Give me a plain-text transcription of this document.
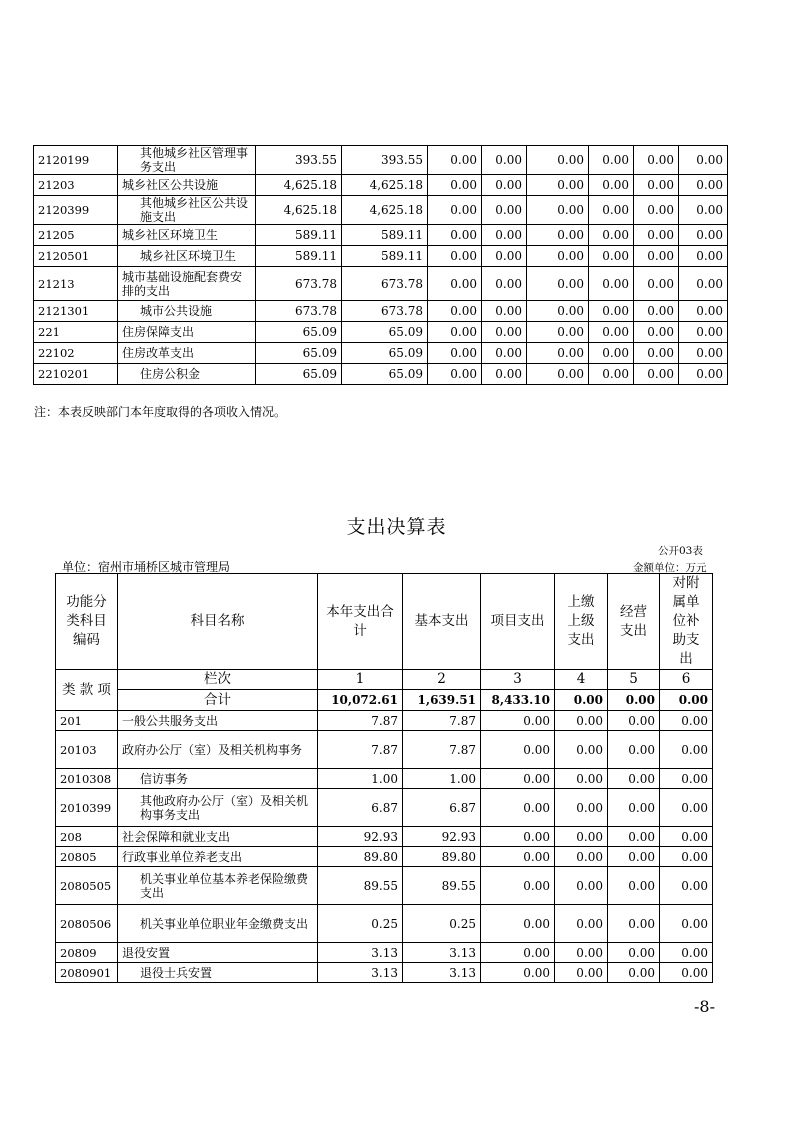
2120199	其他城乡社区管理事务支出	393.55	393.55	0.00	0.00	0.00	0.00	0.00	0.00
21203	城乡社区公共设施	4,625.18	4,625.18	0.00	0.00	0.00	0.00	0.00	0.00
2120399	其他城乡社区公共设施支出	4,625.18	4,625.18	0.00	0.00	0.00	0.00	0.00	0.00
21205	城乡社区环境卫生	589.11	589.11	0.00	0.00	0.00	0.00	0.00	0.00
2120501	城乡社区环境卫生	589.11	589.11	0.00	0.00	0.00	0.00	0.00	0.00
21213	城市基础设施配套费安排的支出	673.78	673.78	0.00	0.00	0.00	0.00	0.00	0.00
2121301	城市公共设施	673.78	673.78	0.00	0.00	0.00	0.00	0.00	0.00
221	住房保障支出	65.09	65.09	0.00	0.00	0.00	0.00	0.00	0.00
22102	住房改革支出	65.09	65.09	0.00	0.00	0.00	0.00	0.00	0.00
2210201	住房公积金	65.09	65.09	0.00	0.00	0.00	0.00	0.00	0.00
注：本表反映部门本年度取得的各项收入情况。
支出决算表
公开03表
单位：宿州市埇桥区城市管理局	金额单位：万元
功能分类科目编码	科目名称	本年支出合计	基本支出	项目支出	上缴上级支出	经营支出	对附属单位补助支出

类 款 项	栏次	1	2	3	4	5	6
	合计	10,072.61	1,639.51	8,433.10	0.00	0.00	0.00
201	一般公共服务支出	7.87	7.87	0.00	0.00	0.00	0.00
20103	政府办公厅（室）及相关机构事务	7.87	7.87	0.00	0.00	0.00	0.00
2010308	信访事务	1.00	1.00	0.00	0.00	0.00	0.00
2010399	其他政府办公厅（室）及相关机构事务支出	6.87	6.87	0.00	0.00	0.00	0.00
208	社会保障和就业支出	92.93	92.93	0.00	0.00	0.00	0.00
20805	行政事业单位养老支出	89.80	89.80	0.00	0.00	0.00	0.00
2080505	机关事业单位基本养老保险缴费支出	89.55	89.55	0.00	0.00	0.00	0.00
2080506	机关事业单位职业年金缴费支出	0.25	0.25	0.00	0.00	0.00	0.00
20809	退役安置	3.13	3.13	0.00	0.00	0.00	0.00
2080901	退役士兵安置	3.13	3.13	0.00	0.00	0.00	0.00
-8-
